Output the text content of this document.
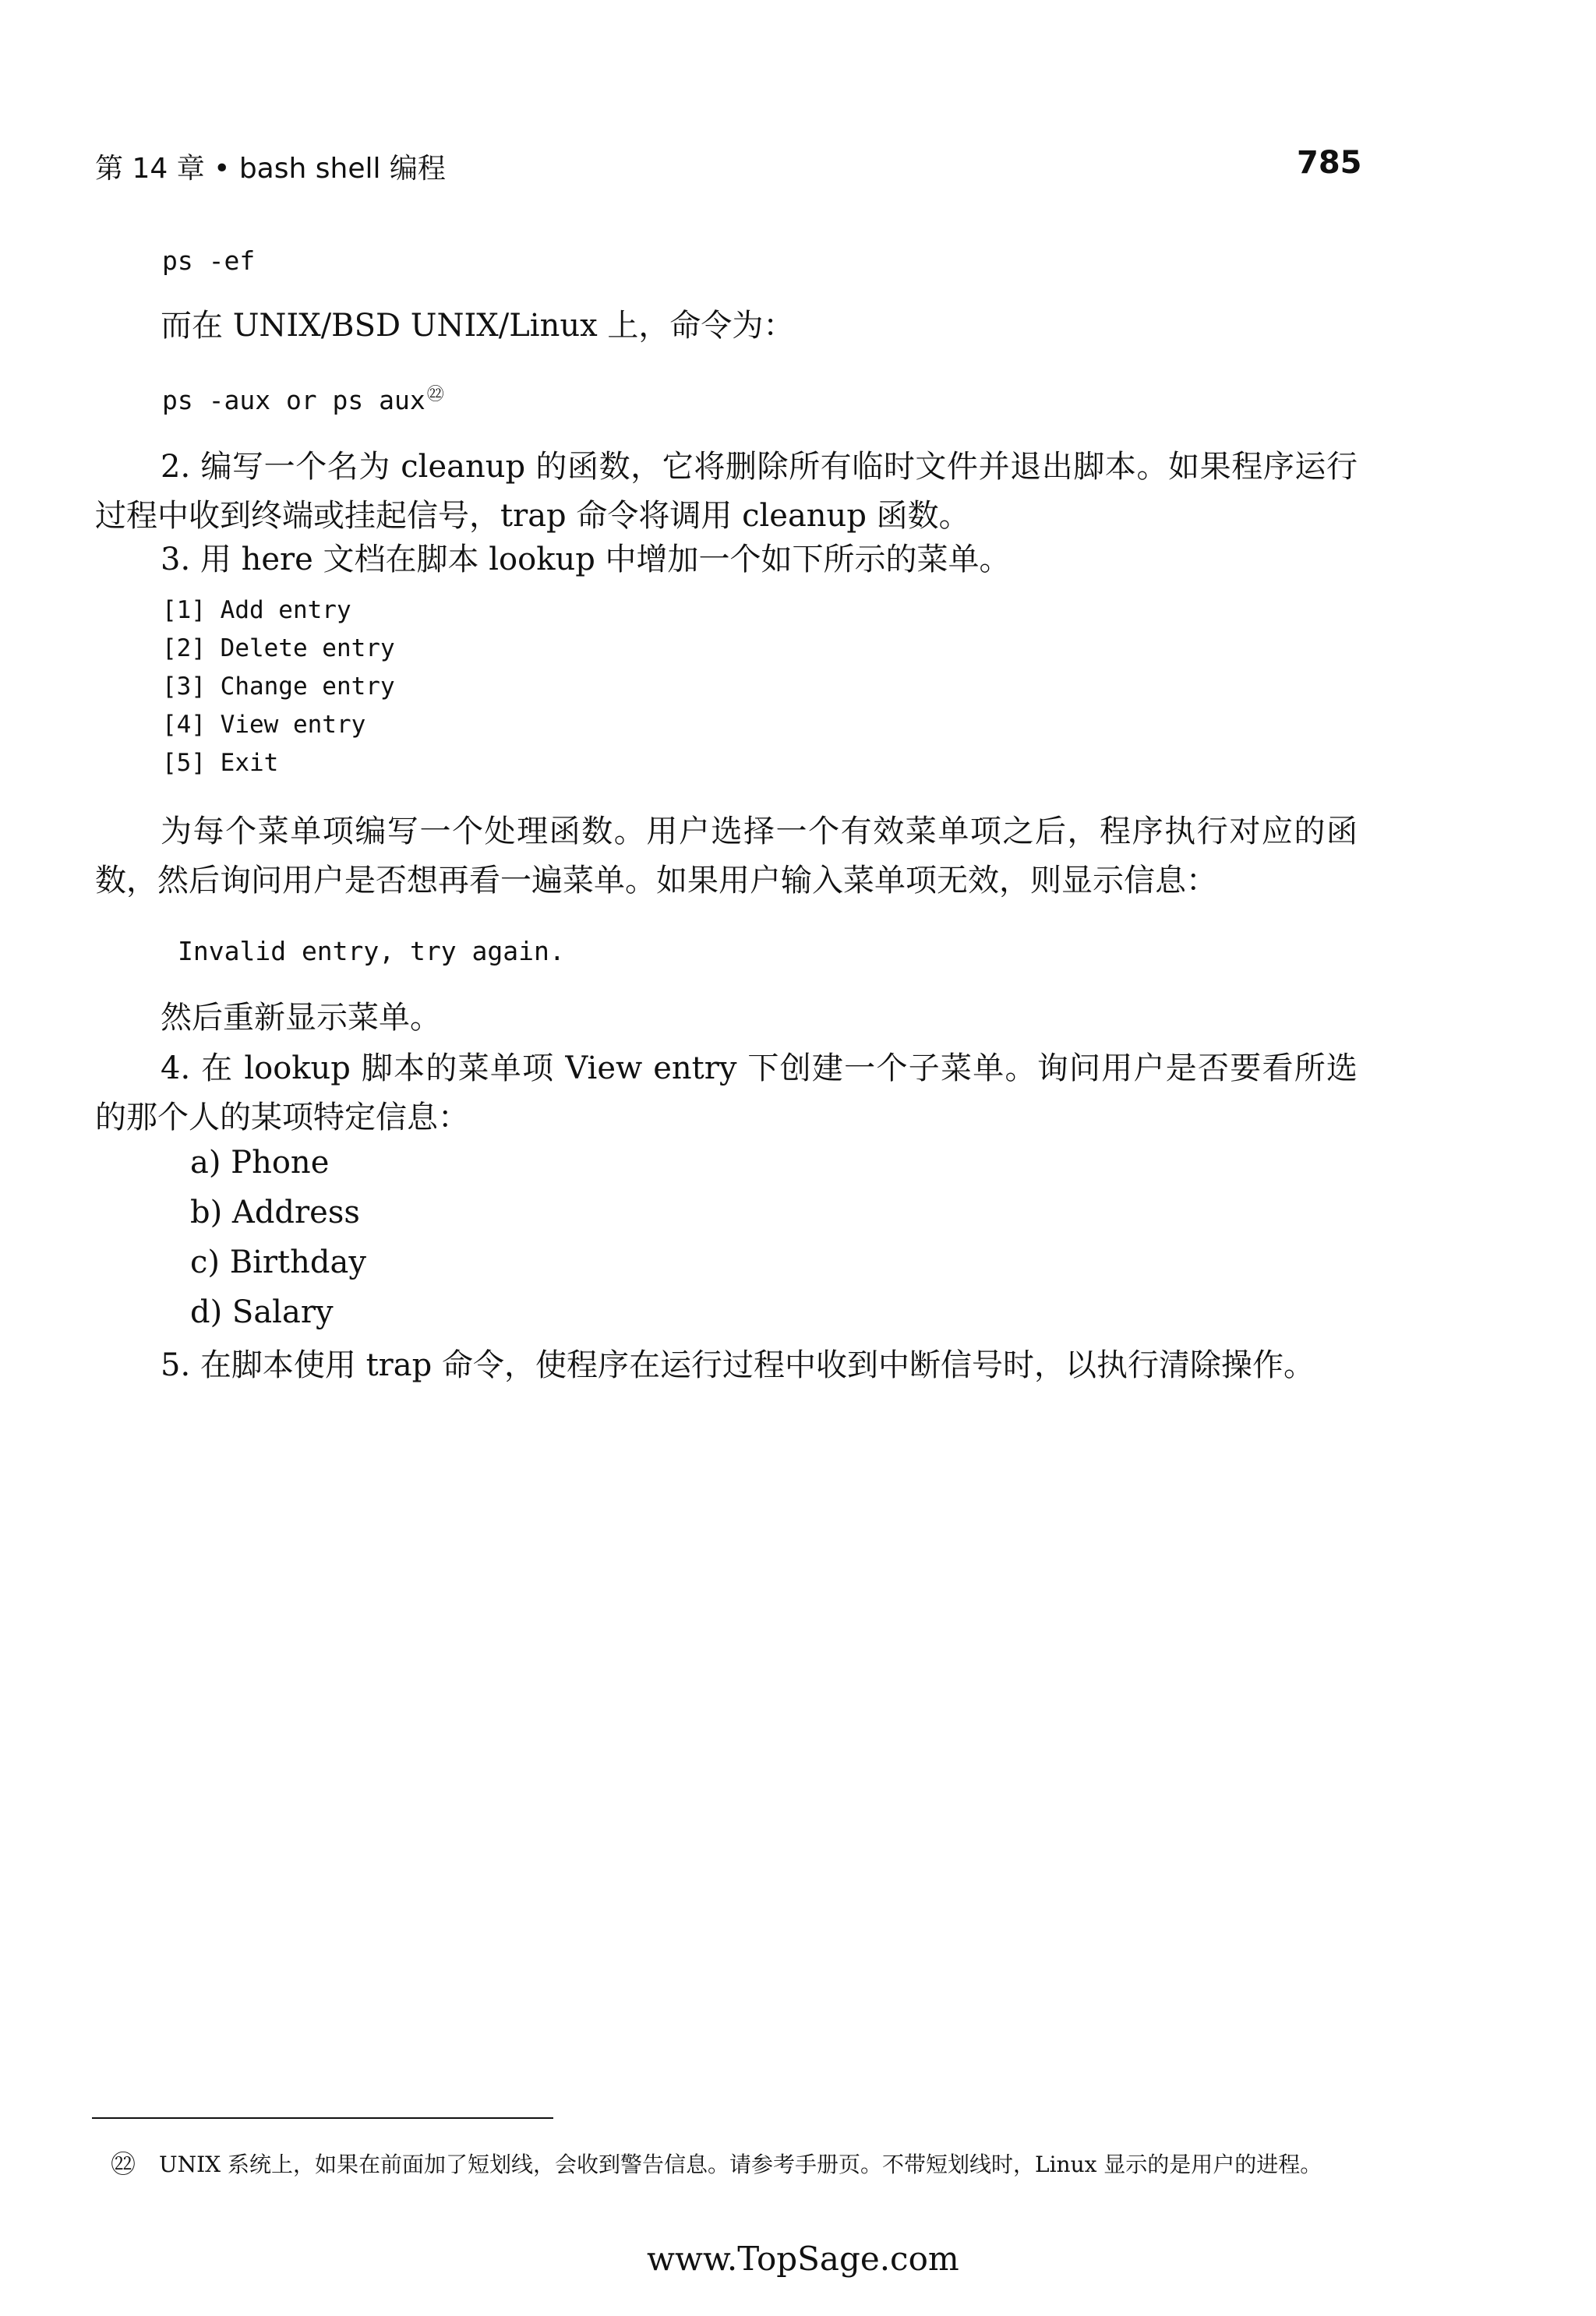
第 14 章 • bash shell 编程	785
ps -ef
而在 UNIX/BSD UNIX/Linux 上，命令为：
ps -aux or ps aux$^㉒$
2. 编写一个名为 cleanup 的函数，它将删除所有临时文件并退出脚本。如果程序运行过程中收到终端或挂起信号，trap 命令将调用 cleanup 函数。
3. 用 here 文档在脚本 lookup 中增加一个如下所示的菜单。
[1] Add entry
[2] Delete entry
[3] Change entry
[4] View entry
[5] Exit
为每个菜单项编写一个处理函数。用户选择一个有效菜单项之后，程序执行对应的函数，然后询问用户是否想再看一遍菜单。如果用户输入菜单项无效，则显示信息：
Invalid entry, try again.
然后重新显示菜单。
4. 在 lookup 脚本的菜单项 View entry 下创建一个子菜单。询问用户是否要看所选的那个人的某项特定信息：
a) Phone
b) Address
c) Birthday
d) Salary
5. 在脚本使用 trap 命令，使程序在运行过程中收到中断信号时，以执行清除操作。
㉒ UNIX 系统上，如果在前面加了短划线，会收到警告信息。请参考手册页。不带短划线时，Linux 显示的是用户的进程。
www.TopSage.com
